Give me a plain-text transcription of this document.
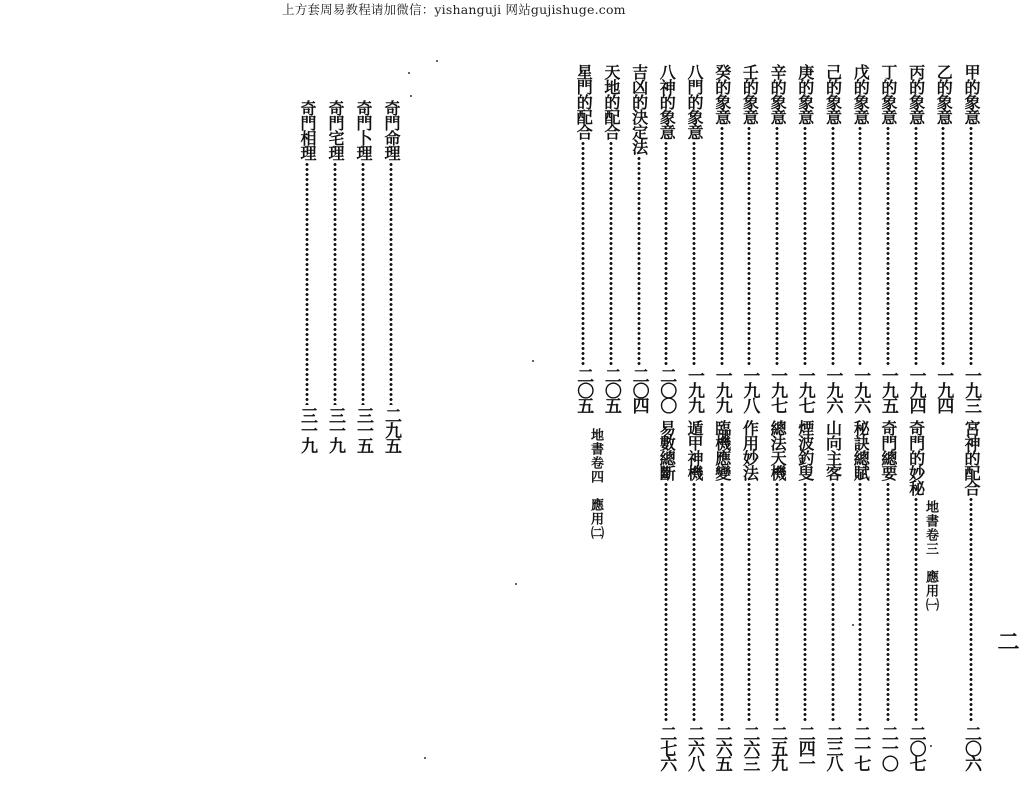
上方套周易教程请加微信：yishanguji 网站gujishuge.com
二
甲的象意
一九三
乙的象意
一九四
丙的象意
一九四
丁的象意
一九五
戊的象意
一九六
己的象意
一九六
庚的象意
一九七
辛的象意
一九七
壬的象意
一九八
癸的象意
一九九
八門的象意
一九九
八神的象意
二〇〇
吉凶的決定法
二〇四
天地的配合
二〇五
星門的配合
二〇五
地書卷三　應用㈠
地書卷四　應用㈡	宮神的配合
二〇六
奇門的妙秘
二〇七
奇門總要
二一〇
秘訣總賦
二一七
山向主客
二三八
煙波釣叟
二四一
總法天機
二五九
作用妙法
二六三
臨機應變
二六五
遁甲神機
二六八
易數總斷
二七六
奇門命理
二九五
奇門卜理
三一五
奇門宅理
三一九
奇門相理
三一九
